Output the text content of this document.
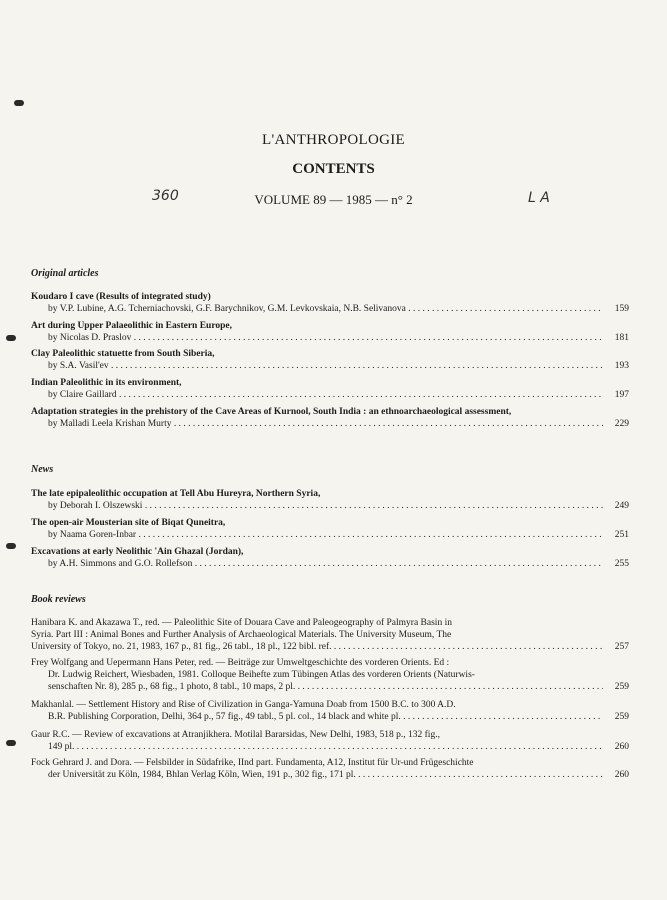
L'ANTHROPOLOGIE
CONTENTS
360	VOLUME 89 — 1985 — n° 2	L A
Original articles
Koudaro I cave (Results of integrated study)
by V.P. Lubine, A.G. Tcherniachovski, G.F. Barychnikov, G.M. Levkovskaia, N.B. Selivanova . . .	159
Art during Upper Palaeolithic in Eastern Europe,
by Nicolas D. Praslov . . .	181
Clay Paleolithic statuette from South Siberia,
by S.A. Vasil'ev . . .	193
Indian Paleolithic in its environment,
by Claire Gaillard . . .	197
Adaptation strategies in the prehistory of the Cave Areas of Kurnool, South India : an ethnoarchaeological assessment,
by Malladi Leela Krishan Murty . . .	229
News
The late epipaleolithic occupation at Tell Abu Hureyra, Northern Syria,
by Deborah I. Olszewski . . .	249
The open-air Mousterian site of Biqat Quneitra,
by Naama Goren-Inbar . . .	251
Excavations at early Neolithic 'Ain Ghazal (Jordan),
by A.H. Simmons and G.O. Rollefson . . .	255
Book reviews
Hanibara K. and Akazawa T., red. — Paleolithic Site of Douara Cave and Paleogeography of Palmyra Basin in
Syria. Part III : Animal Bones and Further Analysis of Archaeological Materials. The University Museum, The
University of Tokyo, no. 21, 1983, 167 p., 81 fig., 26 tabl., 18 pl., 122 bibl. ref. . . .	257
Frey Wolfgang and Uepermann Hans Peter, red. — Beiträge zur Umweltgeschichte des vorderen Orients. Ed :
Dr. Ludwig Reichert, Wiesbaden, 1981. Colloque Beihefte zum Tübingen Atlas des vorderen Orients (Naturwis-
senschaften Nr. 8), 285 p., 68 fig., 1 photo, 8 tabl., 10 maps, 2 pl. . . .	259
Makhanlal. — Settlement History and Rise of Civilization in Ganga-Yamuna Doab from 1500 B.C. to 300 A.D.
B.R. Publishing Corporation, Delhi, 364 p., 57 fig., 49 tabl., 5 pl. col., 14 black and white pl. . . .	259
Gaur R.C. — Review of excavations at Atranjikhera. Motilal Bararsidas, New Delhi, 1983, 518 p., 132 fig.,
149 pl. . . .	260
Fock Gehrard J. and Dora. — Felsbilder in Südafrike, IInd part. Fundamenta, A12, Institut für Ur-und Frügeschichte
der Universität zu Köln, 1984, Bhlan Verlag Köln, Wien, 191 p., 302 fig., 171 pl. . . .	260
